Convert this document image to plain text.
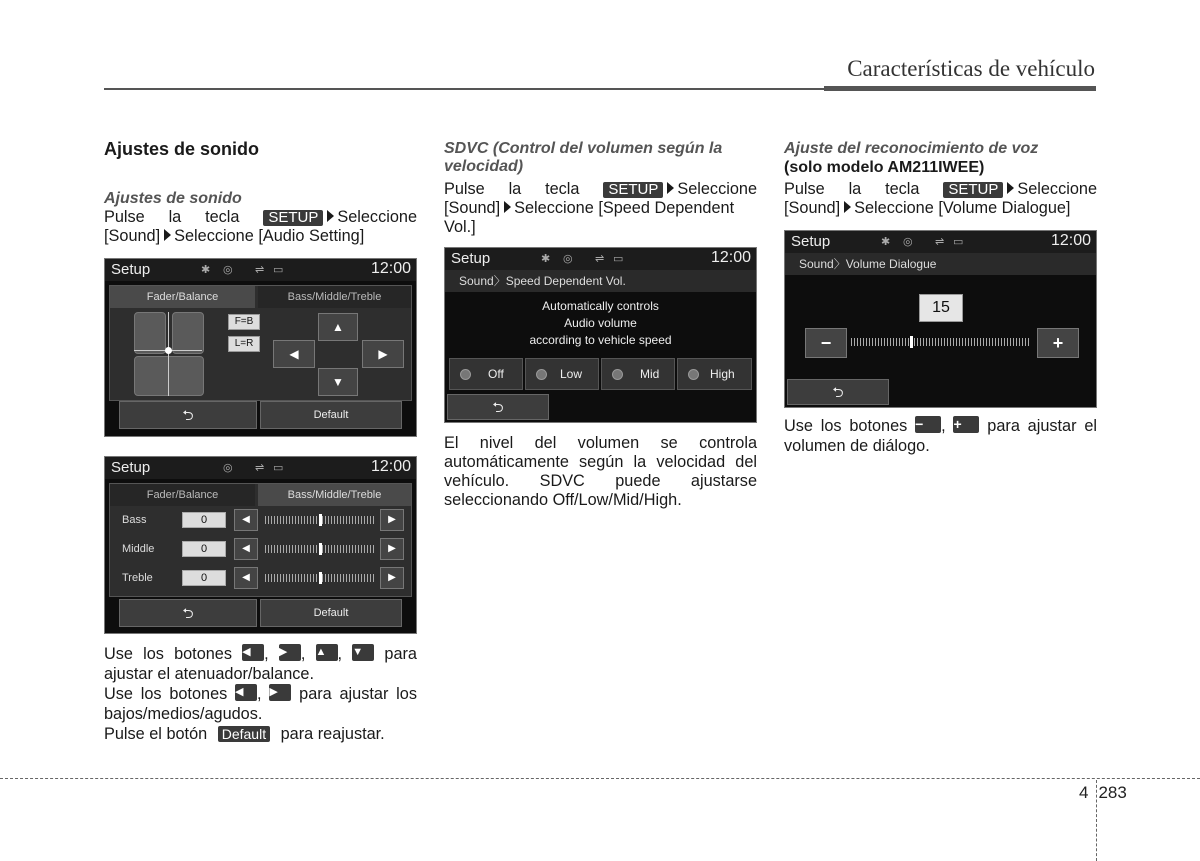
Características de vehículo
Ajustes de sonido
Ajustes de sonido
Pulse la tecla SETUP Seleccione
[Sound] Seleccione [Audio Setting]
Setup	✱ ◎ ⇌ ▭	12:00
Fader/Balance	Bass/Middle/Treble
F=B
L=R
▲
◀	▶
▼
⮌	Default
Setup	◎ ⇌ ▭	12:00
Fader/Balance	Bass/Middle/Treble
Bass	0	◀	▶
Middle	0	◀	▶
Treble	0	◀	▶
⮌	Default
Use los botones ◀ , ▶ , ▲ , ▼	para
ajustar el atenuador/balance.
Use los botones ◀ , ▶	para ajustar los
bajos/medios/agudos.
Pulse el botón Default para reajustar.
SDVC (Control del volumen según la velocidad)
Pulse la tecla SETUP Seleccione
[Sound] Seleccione [Speed Dependent
Vol.]
Setup	✱ ◎ ⇌ ▭	12:00
Sound〉Speed Dependent Vol.
Automatically controls
Audio volume
according to vehicle speed
Off	Low	Mid	High
⮌
El nivel del volumen se controla automáticamente según la velocidad del vehículo. SDVC puede ajustarse seleccionando Off/Low/Mid/High.
Ajuste del reconocimiento de voz
(solo modelo AM211IWEE)
Pulse la tecla SETUP Seleccione
[Sound] Seleccione [Volume Dialogue]
Setup	✱ ◎ ⇌ ▭	12:00
Sound〉Volume Dialogue
15
−	+
⮌
Use los botones −	, +	para ajustar el
volumen de diálogo.
4 283
